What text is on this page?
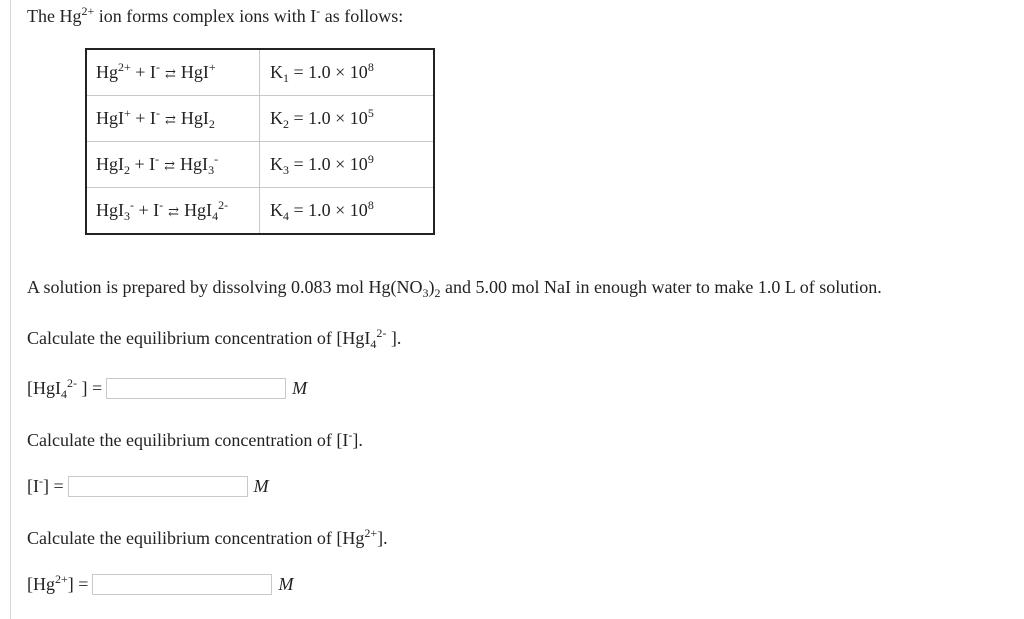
The $Hg^{2+}$ ion forms complex ions with I- as follows:
$Hg^{2+} + I^-$ ⇄ HgI+	$K_1 = 1.0 \times 10^8$
HgI+ + I- ⇄ HgI$_2$	$K_2 = 1.0 \times 10^5$
HgI$_2$ + I- ⇄ HgI$_3$-	$K_3 = 1.0 \times 10^9$
HgI$_3$- + I- ⇄ HgI$_4^{2-}$	$K_4 = 1.0 \times 10^8$
A solution is prepared by dissolving 0.083 mol $Hg(NO_3)_2$ and 5.00 mol NaI in enough water to make 1.0 L of solution.
Calculate the equilibrium concentration of [HgI$_4^{2-}$ ].
[HgI$_4^{2-}$ ] =	M
Calculate the equilibrium concentration of [I-].
[I-] =	M
Calculate the equilibrium concentration of $[Hg^{2+}]$.
$[Hg^{2+}]$ =	M
